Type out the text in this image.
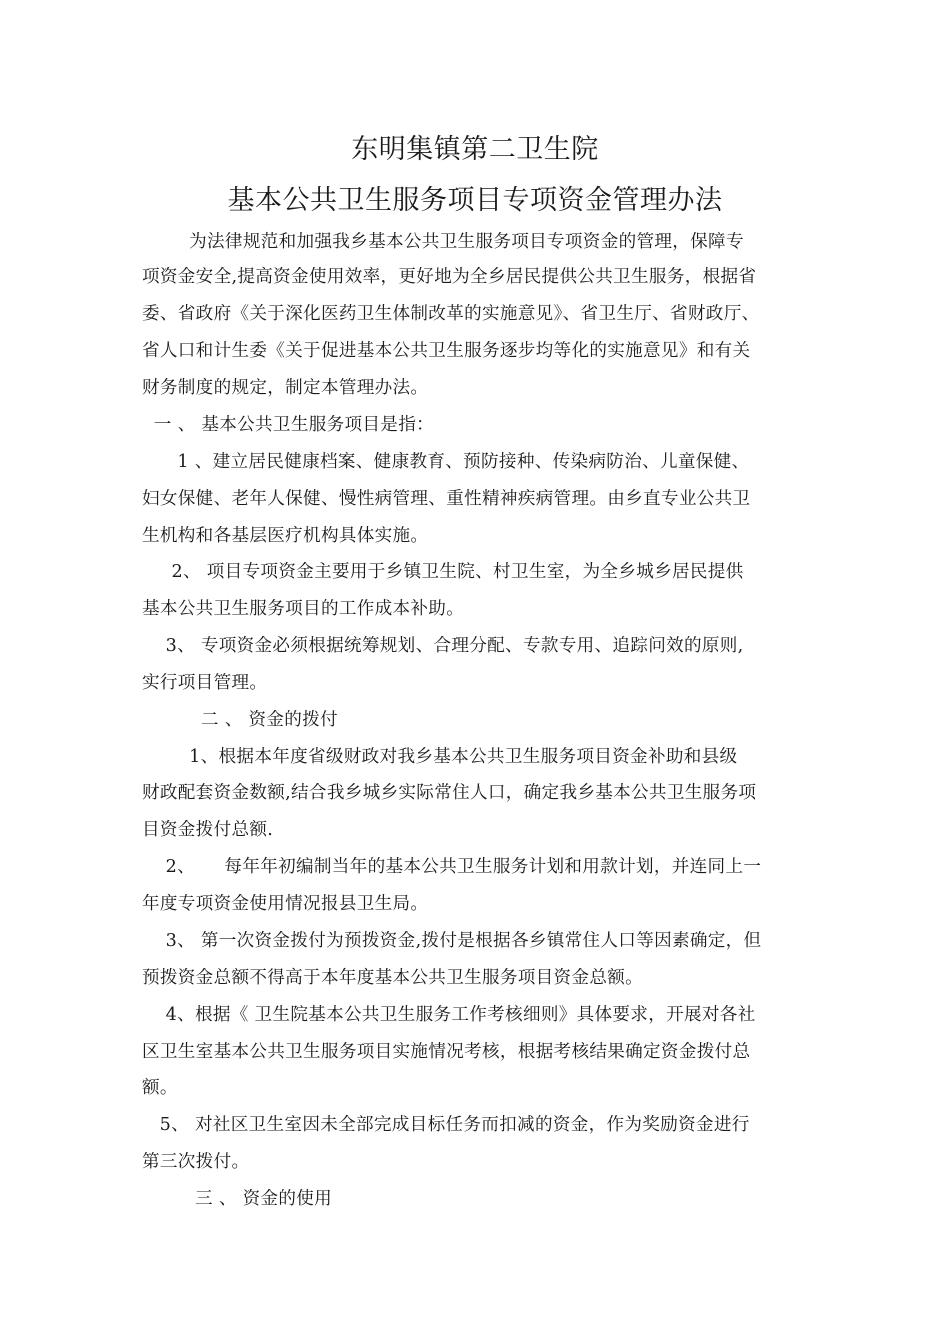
东明集镇第二卫生院
基本公共卫生服务项目专项资金管理办法
为法律规范和加强我乡基本公共卫生服务项目专项资金的管理，保障专
项资金安全,提高资金使用效率，更好地为全乡居民提供公共卫生服务，根据省
委、省政府《关于深化医药卫生体制改革的实施意见》、省卫生厅、省财政厅、
省人口和计生委《关于促进基本公共卫生服务逐步均等化的实施意见》和有关
财务制度的规定，制定本管理办法。
一 、 基本公共卫生服务项目是指：
1 、建立居民健康档案、健康教育、预防接种、传染病防治、儿童保健、
妇女保健、老年人保健、慢性病管理、重性精神疾病管理。由乡直专业公共卫
生机构和各基层医疗机构具体实施。
2、 项目专项资金主要用于乡镇卫生院、村卫生室，为全乡城乡居民提供
基本公共卫生服务项目的工作成本补助。
3、 专项资金必须根据统筹规划、合理分配、专款专用、追踪问效的原则,
实行项目管理。
二 、 资金的拨付
1、根据本年度省级财政对我乡基本公共卫生服务项目资金补助和县级
财政配套资金数额,结合我乡城乡实际常住人口，确定我乡基本公共卫生服务项
目资金拨付总额.
2、     每年年初编制当年的基本公共卫生服务计划和用款计划，并连同上一
年度专项资金使用情况报县卫生局。
3、 第一次资金拨付为预拨资金,拨付是根据各乡镇常住人口等因素确定，但
预拨资金总额不得高于本年度基本公共卫生服务项目资金总额。
4、根据《 卫生院基本公共卫生服务工作考核细则》具体要求，开展对各社
区卫生室基本公共卫生服务项目实施情况考核，根据考核结果确定资金拨付总
额。
5、 对社区卫生室因未全部完成目标任务而扣减的资金，作为奖励资金进行
第三次拨付。
三 、 资金的使用
